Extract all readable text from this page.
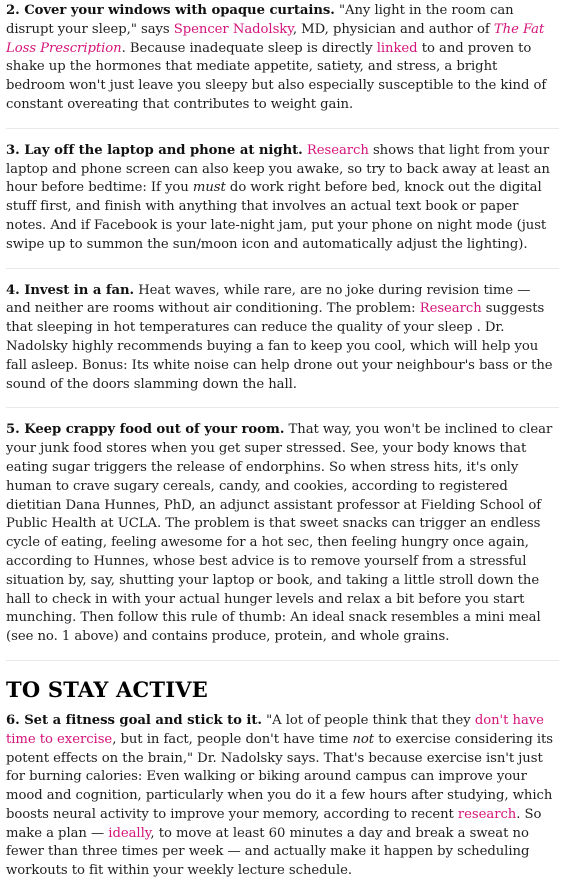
2. Cover your windows with opaque curtains. "Any light in the room can disrupt your sleep," says Spencer Nadolsky, MD, physician and author of The Fat Loss Prescription. Because inadequate sleep is directly linked to and proven to shake up the hormones that mediate appetite, satiety, and stress, a bright bedroom won't just leave you sleepy but also especially susceptible to the kind of constant overeating that contributes to weight gain.

3. Lay off the laptop and phone at night. Research shows that light from your laptop and phone screen can also keep you awake, so try to back away at least an hour before bedtime: If you must do work right before bed, knock out the digital stuff first, and finish with anything that involves an actual text book or paper notes. And if Facebook is your late-night jam, put your phone on night mode (just swipe up to summon the sun/moon icon and automatically adjust the lighting).

4. Invest in a fan. Heat waves, while rare, are no joke during revision time — and neither are rooms without air conditioning. The problem: Research suggests that sleeping in hot temperatures can reduce the quality of your sleep . Dr. Nadolsky highly recommends buying a fan to keep you cool, which will help you fall asleep. Bonus: Its white noise can help drone out your neighbour's bass or the sound of the doors slamming down the hall.

5. Keep crappy food out of your room. That way, you won't be inclined to clear your junk food stores when you get super stressed. See, your body knows that eating sugar triggers the release of endorphins. So when stress hits, it's only human to crave sugary cereals, candy, and cookies, according to registered dietitian Dana Hunnes, PhD, an adjunct assistant professor at Fielding School of Public Health at UCLA. The problem is that sweet snacks can trigger an endless cycle of eating, feeling awesome for a hot sec, then feeling hungry once again, according to Hunnes, whose best advice is to remove yourself from a stressful situation by, say, shutting your laptop or book, and taking a little stroll down the hall to check in with your actual hunger levels and relax a bit before you start munching. Then follow this rule of thumb: An ideal snack resembles a mini meal (see no. 1 above) and contains produce, protein, and whole grains.

TO STAY ACTIVE

6. Set a fitness goal and stick to it. "A lot of people think that they don't have time to exercise, but in fact, people don't have time not to exercise considering its potent effects on the brain," Dr. Nadolsky says. That's because exercise isn't just for burning calories: Even walking or biking around campus can improve your mood and cognition, particularly when you do it a few hours after studying, which boosts neural activity to improve your memory, according to recent research. So make a plan — ideally, to move at least 60 minutes a day and break a sweat no fewer than three times per week — and actually make it happen by scheduling workouts to fit within your weekly lecture schedule.
